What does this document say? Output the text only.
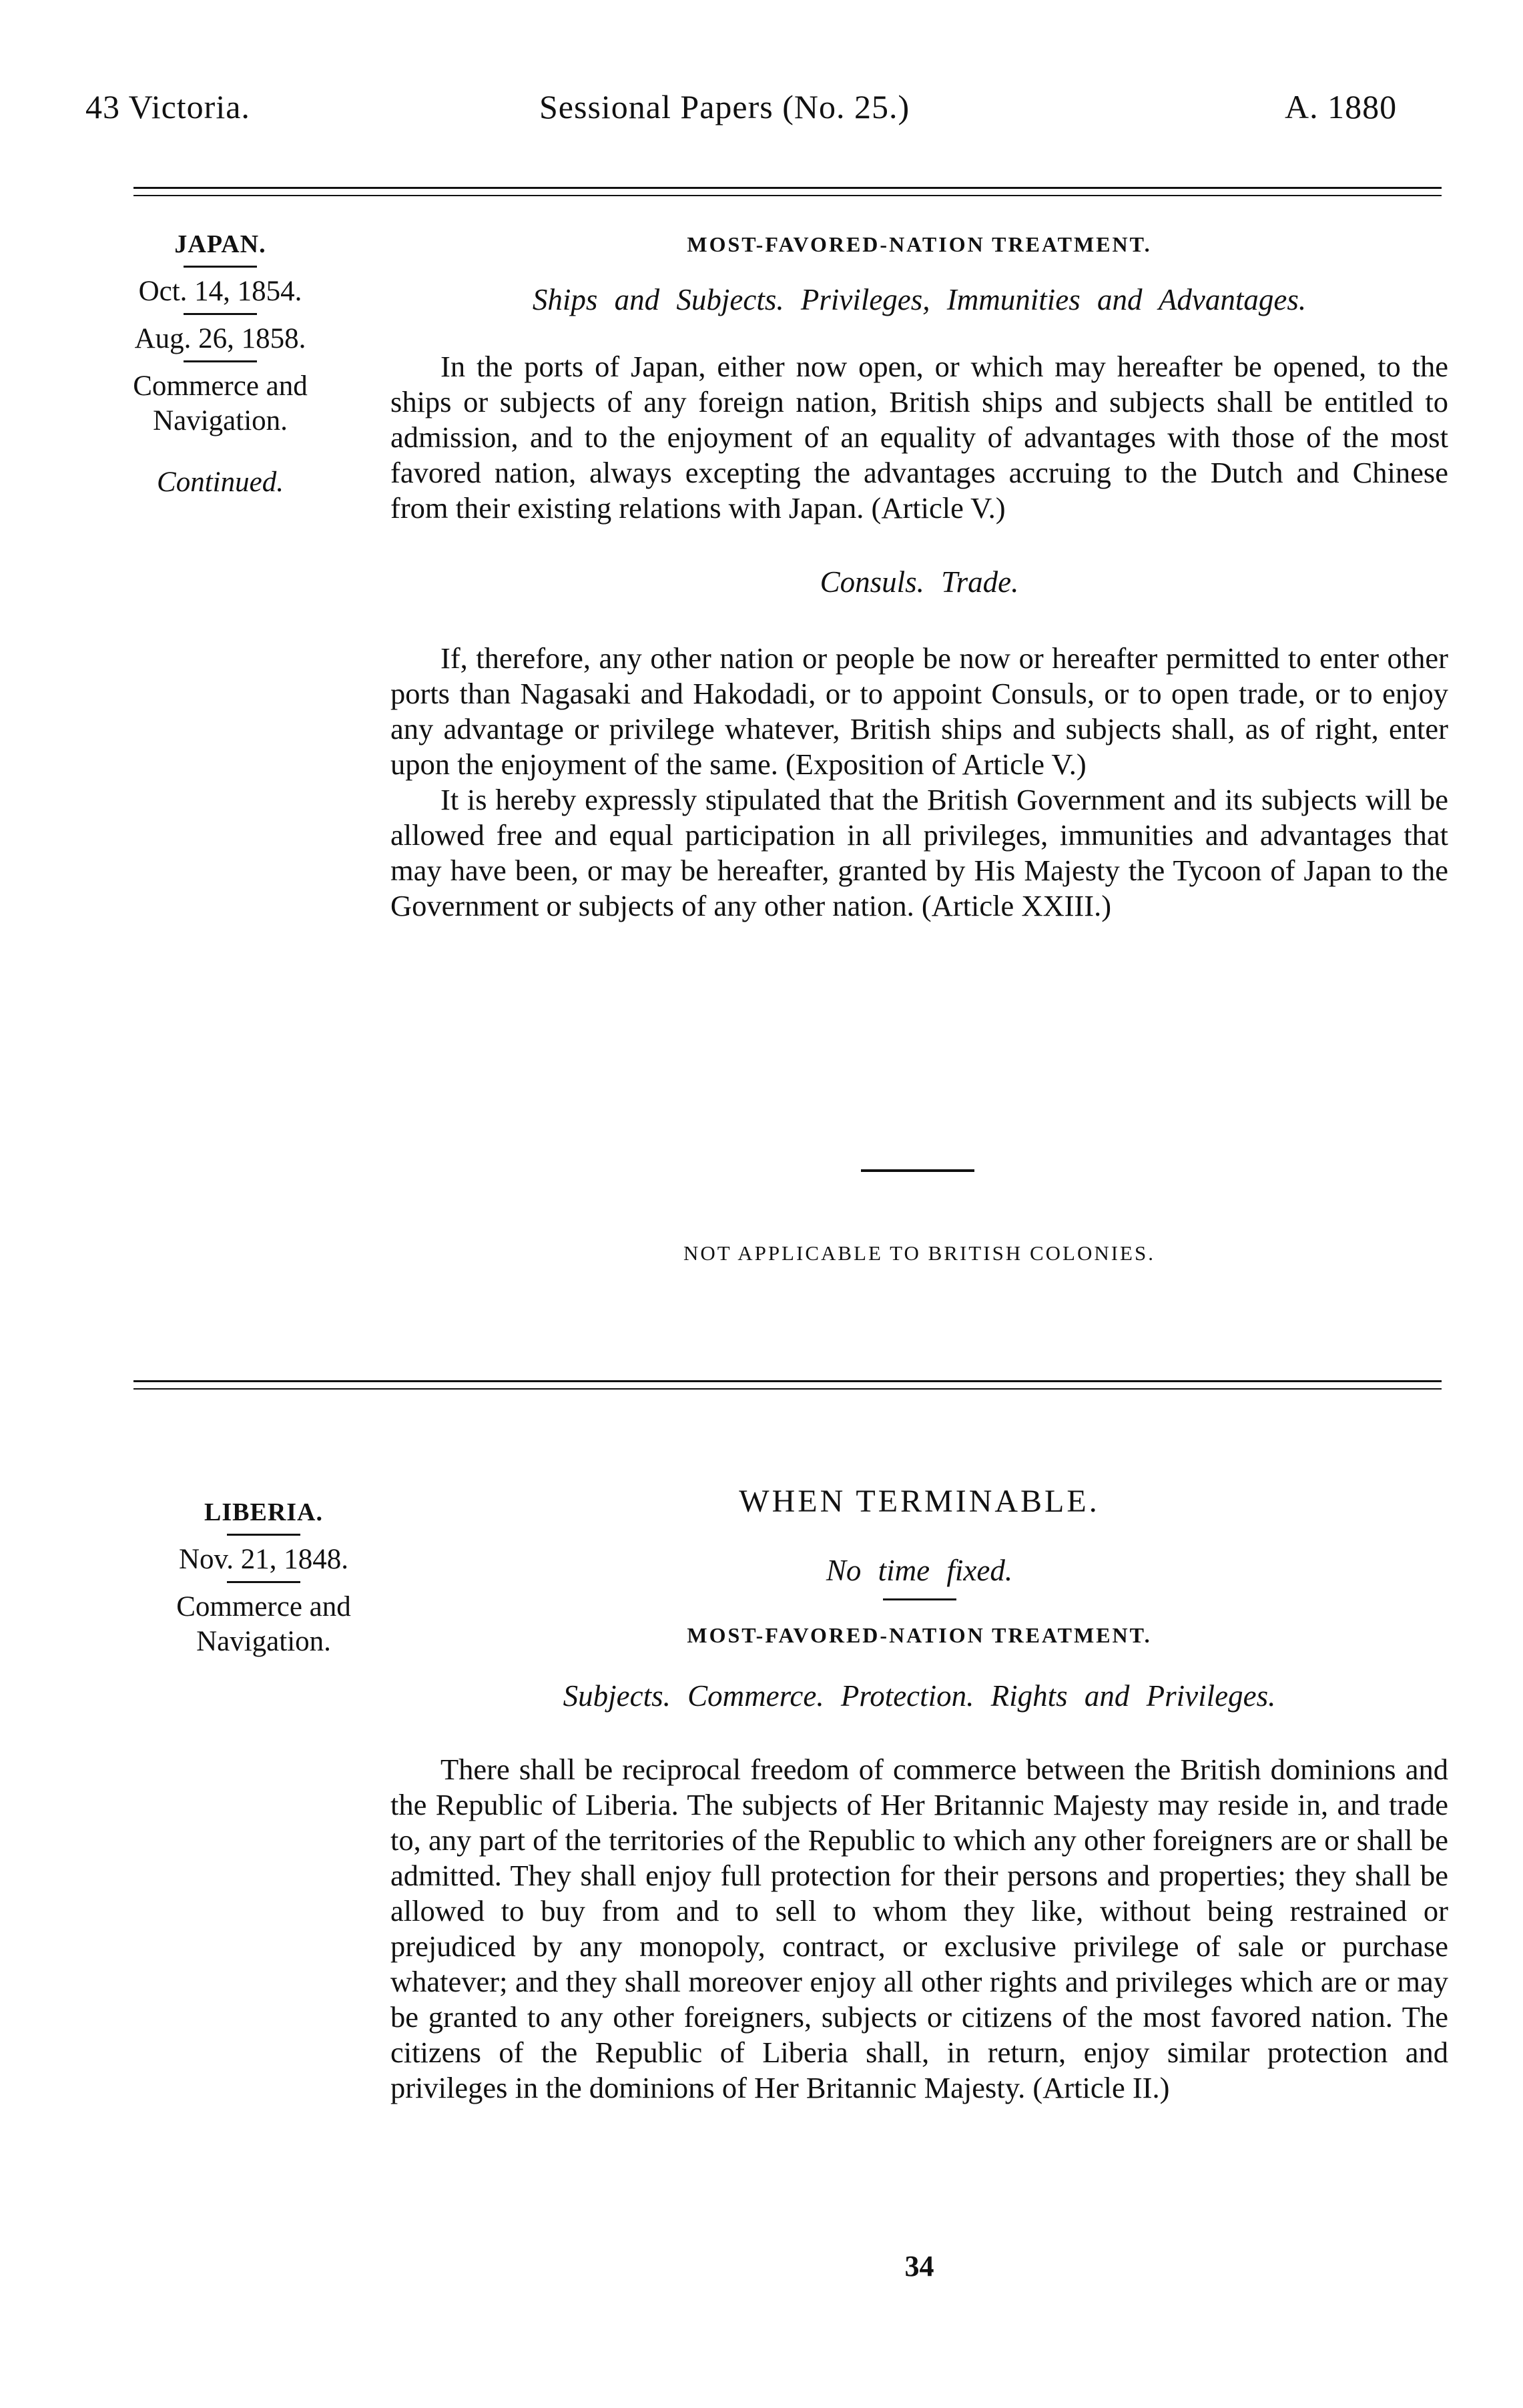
43 Victoria.	Sessional Papers (No. 25.)	A. 1880
JAPAN.
Oct. 14, 1854.
Aug. 26, 1858.
Commerce and
Navigation.
Continued.
MOST-FAVORED-NATION TREATMENT.
Ships and Subjects. Privileges, Immunities and Advantages.

In the ports of Japan, either now open, or which may hereafter be opened, to the ships or subjects of any foreign nation, British ships and subjects shall be entitled to admission, and to the enjoyment of an equality of advantages with those of the most favored nation, always excepting the advantages accruing to the Dutch and Chinese from their existing relations with Japan. (Article V.)

Consuls. Trade.

If, therefore, any other nation or people be now or hereafter permitted to enter other ports than Nagasaki and Hakodadi, or to appoint Consuls, or to open trade, or to enjoy any advantage or privilege whatever, British ships and subjects shall, as of right, enter upon the enjoyment of the same. (Exposition of Article V.)

It is hereby expressly stipulated that the British Government and its subjects will be allowed free and equal participation in all privileges, immunities and advantages that may have been, or may be hereafter, granted by His Majesty the Tycoon of Japan to the Government or subjects of any other nation. (Article XXIII.)

NOT APPLICABLE TO BRITISH COLONIES.
LIBERIA.
Nov. 21, 1848.
Commerce and
Navigation.
WHEN TERMINABLE.
No time fixed.
MOST-FAVORED-NATION TREATMENT.
Subjects. Commerce. Protection. Rights and Privileges.

There shall be reciprocal freedom of commerce between the British dominions and the Republic of Liberia. The subjects of Her Britannic Majesty may reside in, and trade to, any part of the territories of the Republic to which any other foreigners are or shall be admitted. They shall enjoy full protection for their persons and properties; they shall be allowed to buy from and to sell to whom they like, without being restrained or prejudiced by any monopoly, contract, or exclusive privilege of sale or purchase whatever; and they shall moreover enjoy all other rights and privileges which are or may be granted to any other foreigners, subjects or citizens of the most favored nation. The citizens of the Republic of Liberia shall, in return, enjoy similar protection and privileges in the dominions of Her Britannic Majesty. (Article II.)

34
